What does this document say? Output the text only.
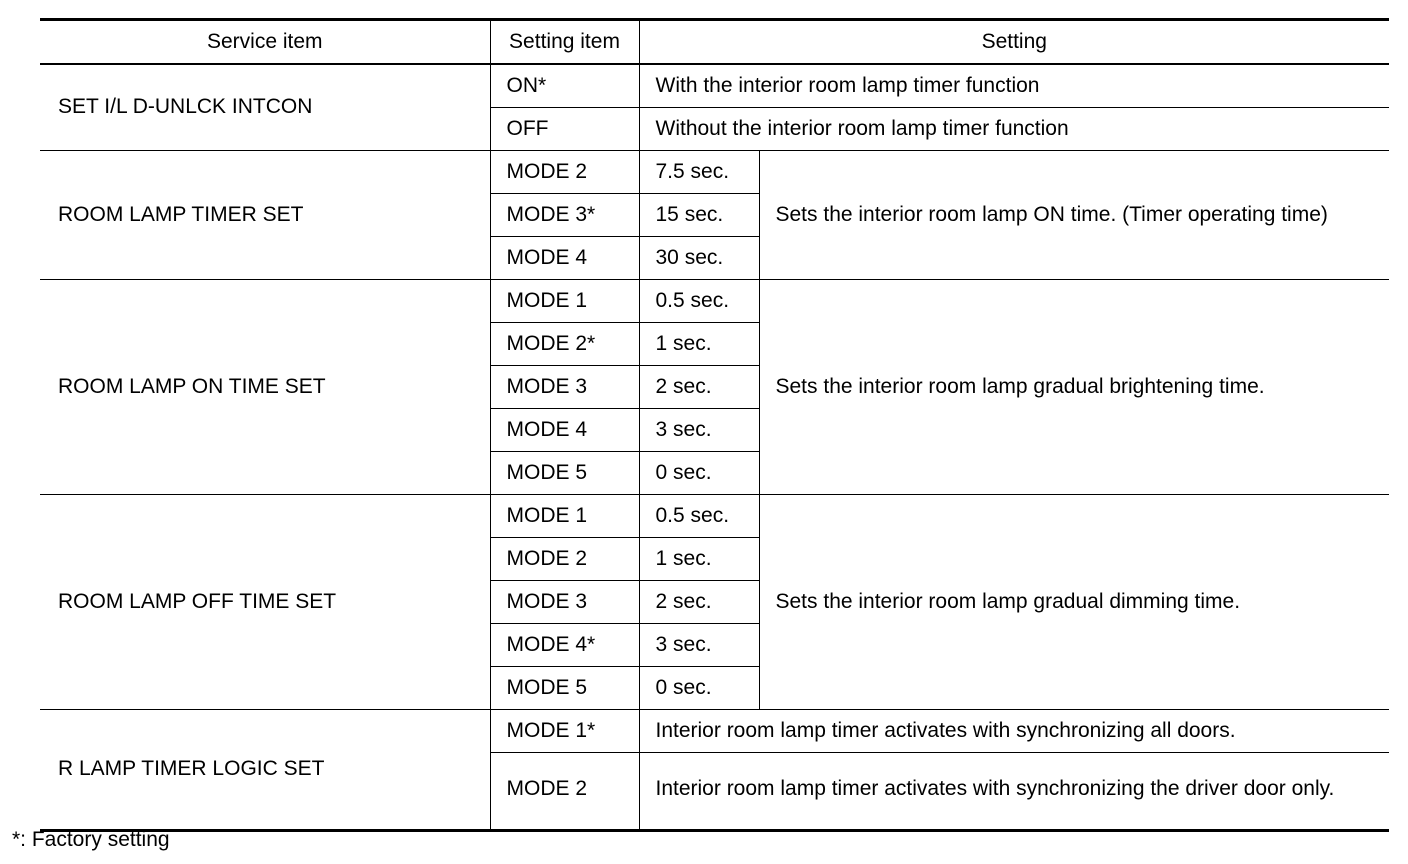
Service item	Setting item	Setting	
SET I/L D-UNLCK INTCON	ON*	With the interior room lamp timer function	
	OFF	Without the interior room lamp timer function	
ROOM LAMP TIMER SET	MODE 2	7.5 sec.	Sets the interior room lamp ON time. (Timer operating time)
	MODE 3*	15 sec.	
	MODE 4	30 sec.	
ROOM LAMP ON TIME SET	MODE 1	0.5 sec.	Sets the interior room lamp gradual brightening time.
	MODE 2*	1 sec.	
	MODE 3	2 sec.	
	MODE 4	3 sec.	
	MODE 5	0 sec.	
ROOM LAMP OFF TIME SET	MODE 1	0.5 sec.	Sets the interior room lamp gradual dimming time.
	MODE 2	1 sec.	
	MODE 3	2 sec.	
	MODE 4*	3 sec.	
	MODE 5	0 sec.	
R LAMP TIMER LOGIC SET	MODE 1*	Interior room lamp timer activates with synchronizing all doors.	
	MODE 2	Interior room lamp timer activates with synchronizing the driver door only.	
*: Factory setting
